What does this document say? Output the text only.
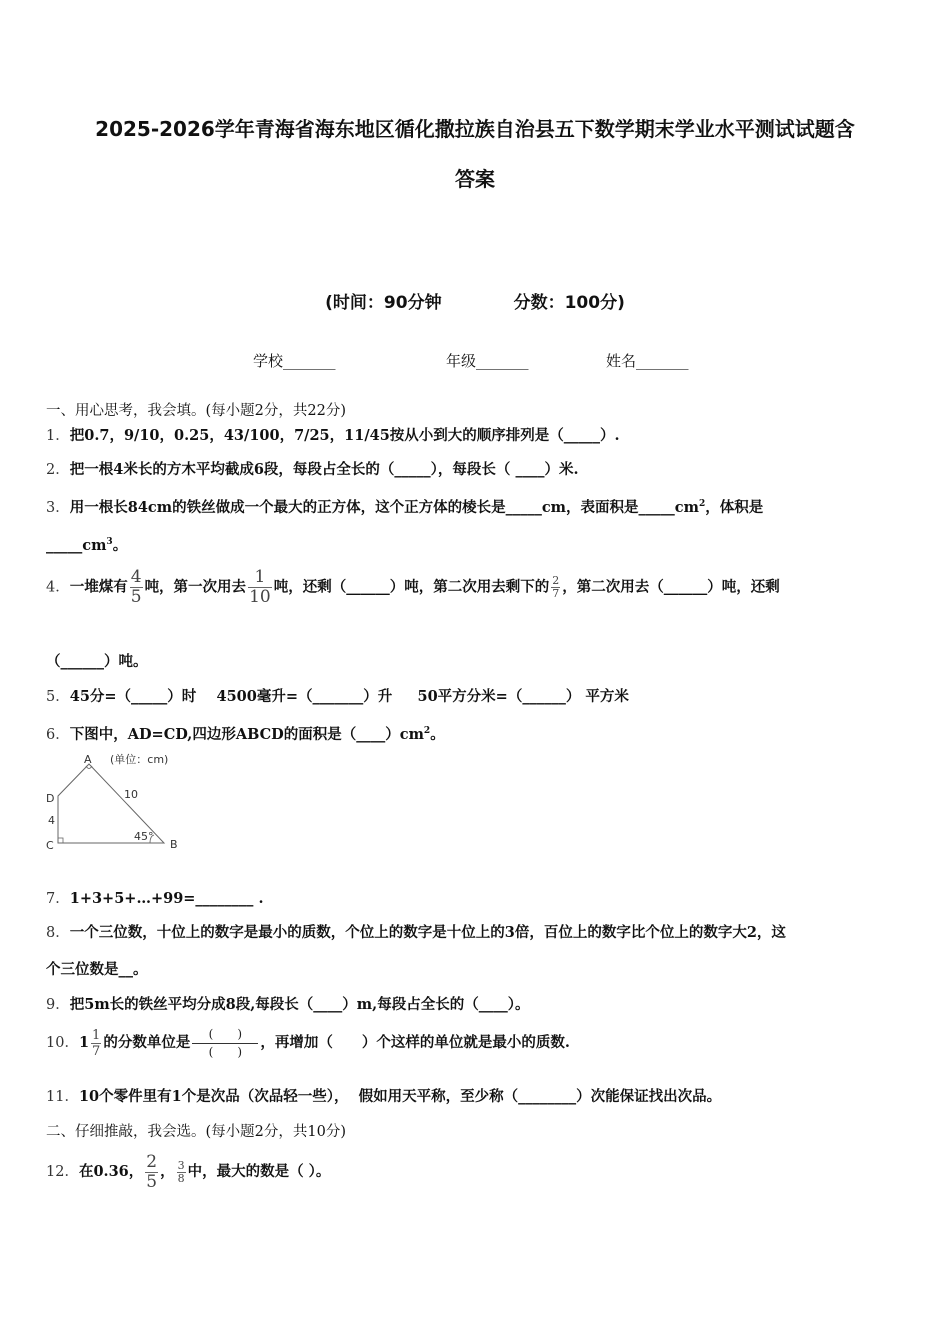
2025-2026学年青海省海东地区循化撒拉族自治县五下数学期末学业水平测试试题含
答案
(时间：90分钟	分数：100分)
学校_______	年级_______	姓名_______
一、用心思考，我会填。(每小题2分，共22分)
1．把0.7，9/10，0.25，43/100，7/25，11/45按从小到大的顺序排列是（_____）.
2．把一根4米长的方木平均截成6段，每段占全长的（_____），每段长（ ____）米.
3．用一根长84cm的铁丝做成一个最大的正方体，这个正方体的棱长是_____cm，表面积是$\_\_\_\_\_cm^2$，体积是
$\_\_\_\_\_cm^3$。
4．一堆煤有 $\frac{4}{5}$ 吨，第一次用去 $\frac{1}{10}$ 吨，还剩（______）吨，第二次用去剩下的 $\frac{2}{7}$ ，第二次用去（______）吨，还剩
（______）吨。
5．45分=（_____）时    4500毫升=（_______）升     50平方分米=（______） 平方米
6．下图中，AD=CD,四边形ABCD的面积是$(\_\_\_\_)cm^2$。
A (单位：cm)
D
4
C
10
45°
B
7．1+3+5+…+99=________ .
8．一个三位数，十位上的数字是最小的质数，个位上的数字是十位上的3倍，百位上的数字比个位上的数字大2，这
个三位数是__。
9．把5m长的铁丝平均分成8段,每段长（____）m,每段占全长的（____）。
10．$1 \frac{1}{7}$ 的分数单位是 $\frac{( )}{( )}$ ，再增加（　　）个这样的单位就是最小的质数.
11．10个零件里有1个是次品（次品轻一些），  假如用天平称，至少称（________）次能保证找出次品。
二、仔细推敲，我会选。(每小题2分，共10分)
12．在0.36， $\frac{2}{5}$ ， $\frac{3}{8}$ 中，最大的数是（ ）。
